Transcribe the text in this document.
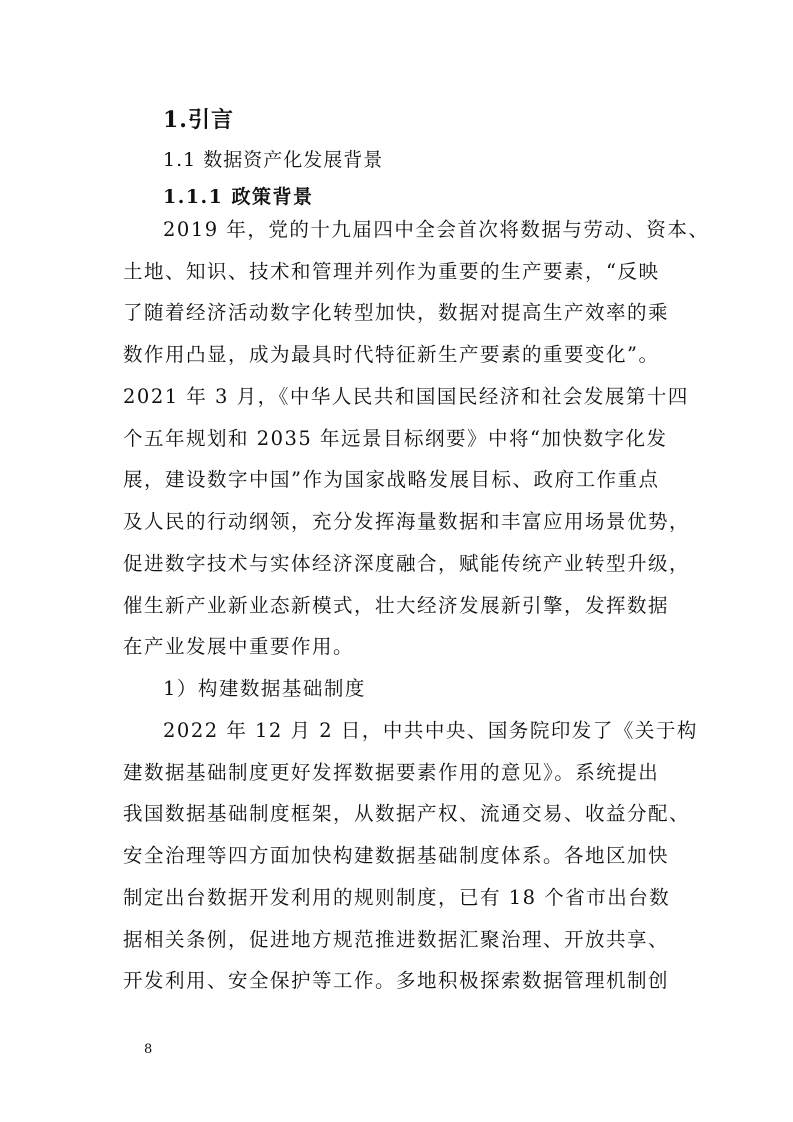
1.引言
1.1 数据资产化发展背景
1.1.1 政策背景
2019 年，党的十九届四中全会首次将数据与劳动、资本、
土地、知识、技术和管理并列作为重要的生产要素，“反映
了随着经济活动数字化转型加快，数据对提高生产效率的乘
数作用凸显，成为最具时代特征新生产要素的重要变化”。
2021 年 3 月，《中华人民共和国国民经济和社会发展第十四
个五年规划和 2035 年远景目标纲要》中将“加快数字化发
展，建设数字中国”作为国家战略发展目标、政府工作重点
及人民的行动纲领，充分发挥海量数据和丰富应用场景优势，
促进数字技术与实体经济深度融合，赋能传统产业转型升级，
催生新产业新业态新模式，壮大经济发展新引擎，发挥数据
在产业发展中重要作用。
1）构建数据基础制度
2022 年 12 月 2 日，中共中央、国务院印发了《关于构
建数据基础制度更好发挥数据要素作用的意见》。系统提出
我国数据基础制度框架，从数据产权、流通交易、收益分配、
安全治理等四方面加快构建数据基础制度体系。各地区加快
制定出台数据开发利用的规则制度，已有 18 个省市出台数
据相关条例，促进地方规范推进数据汇聚治理、开放共享、
开发利用、安全保护等工作。多地积极探索数据管理机制创
8
